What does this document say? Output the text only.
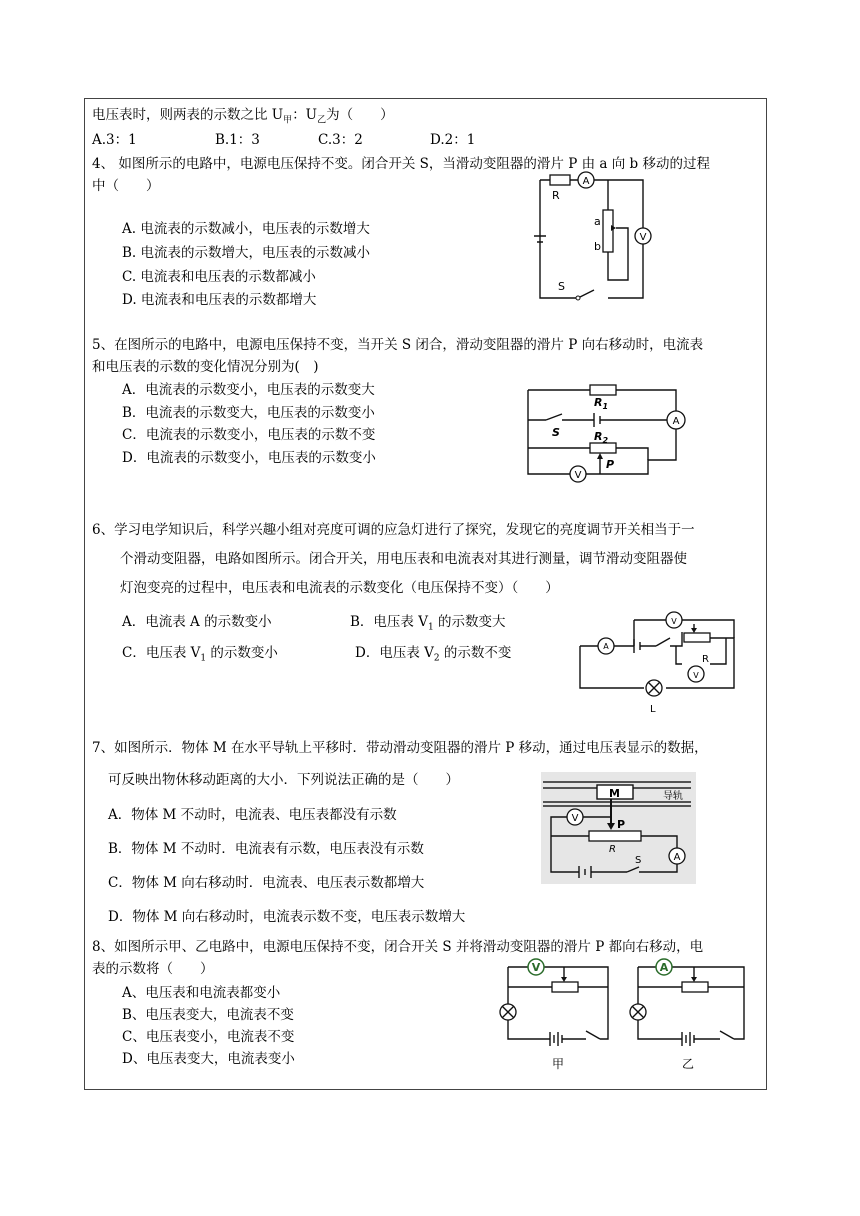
电压表时，则两表的示数之比 $U_甲$：$U_乙$为（　　）
A.3：1	B.1：3	C.3：2	D.2：1
4、 如图所示的电路中，电源电压保持不变。闭合开关 S，当滑动变阻器的滑片 P 由 a 向 b 移动的过程
中（　　）
A. 电流表的示数减小，电压表的示数增大
B. 电流表的示数增大，电压表的示数减小
C. 电流表和电压表的示数都减小
D. 电流表和电压表的示数都增大
A
R
a
b
V
S
5、在图所示的电路中，电源电压保持不变，当开关 S 闭合，滑动变阻器的滑片 P 向右移动时，电流表
和电压表的示数的变化情况分别为(　)
A．电流表的示数变小，电压表的示数变大
B．电流表的示数变大，电压表的示数变小
C．电流表的示数变小，电压表的示数不变
D．电流表的示数变小，电压表的示数变小
$R_1$
S
A
$R_2$
P
V
6、学习电学知识后，科学兴趣小组对亮度可调的应急灯进行了探究，发现它的亮度调节开关相当于一
个滑动变阻器，电路如图所示。闭合开关，用电压表和电流表对其进行测量，调节滑动变阻器使
灯泡变亮的过程中，电压表和电流表的示数变化（电压保持不变）（　　）
A．电流表 A 的示数变小	B．电压表 $V_1$ 的示数变大
C．电压表 $V_1$ 的示数变小	D．电压表 $V_2$ 的示数不变	A
V
R
V
L
7、如图所示．物体 M 在水平导轨上平移时．带动滑动变阻器的滑片 P 移动，通过电压表显示的数据，
可反映出物休移动距离的大小．下列说法正确的是（　　）
A．物体 M 不动时，电流表、电压表都没有示数
B．物体 M 不动时．电流表有示数，电压表没有示数
C．物体 M 向右移动时．电流表、电压表示数都増大
D．物体 M 向右移动时，电流表示数不变，电压表示数増大
M	导轨
P
V
R
A
S
8、如图所示甲、乙电路中，电源电压保持不变，闭合开关 S 并将滑动变阻器的滑片 P 都向右移动，电
表的示数将（　　）
A、电压表和电流表都变小
B、电压表变大，电流表不变
C、电压表变小，电流表不变
D、电压表变大，电流表变小
V
甲
A
乙
